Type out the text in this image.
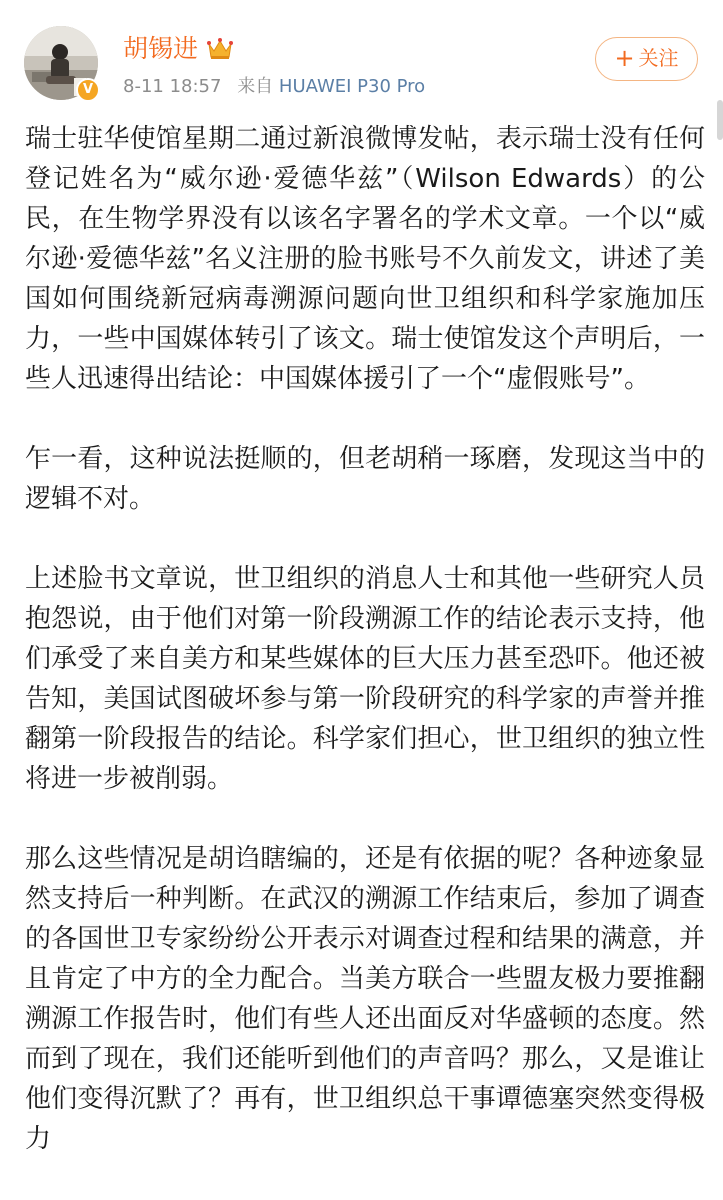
V
胡锡进
8-11 18:57 来自 HUAWEI P30 Pro
+ 关注

瑞士驻华使馆星期二通过新浪微博发帖，表示瑞士没有任何登记姓名为“威尔逊·爱德华兹”（Wilson Edwards）的公民，在生物学界没有以该名字署名的学术文章。一个以“威尔逊·爱德华兹”名义注册的脸书账号不久前发文，讲述了美国如何围绕新冠病毒溯源问题向世卫组织和科学家施加压力，一些中国媒体转引了该文。瑞士使馆发这个声明后，一些人迅速得出结论：中国媒体援引了一个“虚假账号”。

乍一看，这种说法挺顺的，但老胡稍一琢磨，发现这当中的逻辑不对。

上述脸书文章说，世卫组织的消息人士和其他一些研究人员抱怨说，由于他们对第一阶段溯源工作的结论表示支持，他们承受了来自美方和某些媒体的巨大压力甚至恐吓。他还被告知，美国试图破坏参与第一阶段研究的科学家的声誉并推翻第一阶段报告的结论。科学家们担心，世卫组织的独立性将进一步被削弱。

那么这些情况是胡诌瞎编的，还是有依据的呢？各种迹象显然支持后一种判断。在武汉的溯源工作结束后，参加了调查的各国世卫专家纷纷公开表示对调查过程和结果的满意，并且肯定了中方的全力配合。当美方联合一些盟友极力要推翻溯源工作报告时，他们有些人还出面反对华盛顿的态度。然而到了现在，我们还能听到他们的声音吗？那么，又是谁让他们变得沉默了？再有，世卫组织总干事谭德塞突然变得极力
